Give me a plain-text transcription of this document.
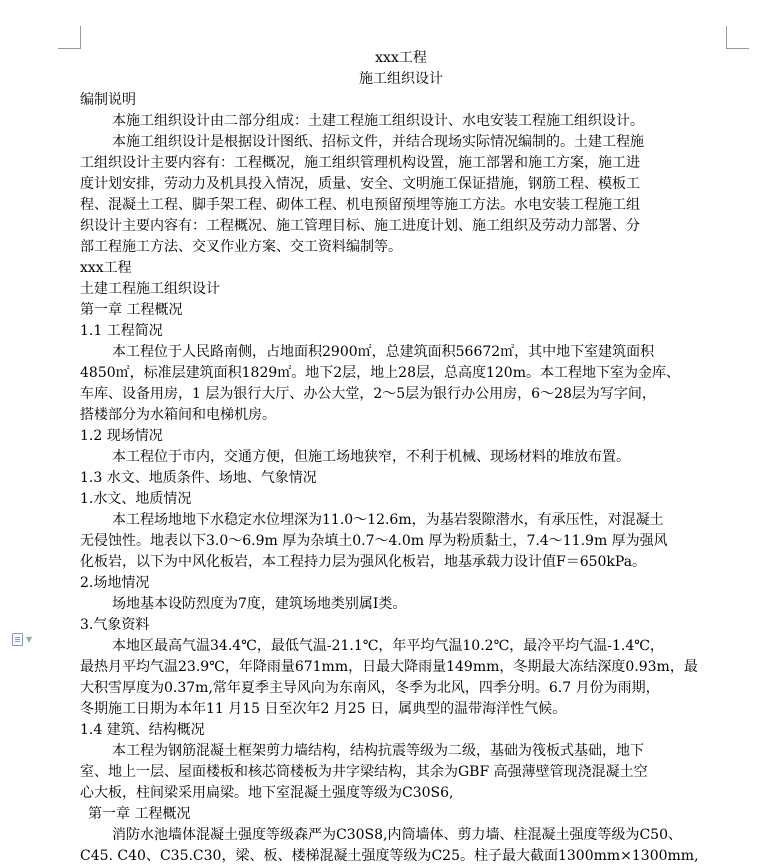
▼
xxx工程
施工组织设计
编制说明
本施工组织设计由二部分组成：土建工程施工组织设计、水电安装工程施工组织设计。
本施工组织设计是根据设计图纸、招标文件，并结合现场实际情况编制的。土建工程施
工组织设计主要内容有：工程概况，施工组织管理机构设置，施工部署和施工方案，施工进
度计划安排，劳动力及机具投入情况，质量、安全、文明施工保证措施，钢筋工程、模板工
程、混凝土工程、脚手架工程、砌体工程、机电预留预埋等施工方法。水电安装工程施工组
织设计主要内容有：工程概况、施工管理目标、施工进度计划、施工组织及劳动力部署、分
部工程施工方法、交叉作业方案、交工资料编制等。
xxx工程
土建工程施工组织设计
第一章 工程概况
1.1 工程简况
本工程位于人民路南侧，占地面积2900㎡，总建筑面积56672㎡，其中地下室建筑面积
4850㎡，标准层建筑面积1829㎡。地下2层，地上28层，总高度120m。本工程地下室为金库、
车库、设备用房，1 层为银行大厅、办公大堂，2～5层为银行办公用房，6～28层为写字间，
搭楼部分为水箱间和电梯机房。
1.2 现场情况
本工程位于市内，交通方便，但施工场地狭窄，不利于机械、现场材料的堆放布置。
1.3 水文、地质条件、场地、气象情况
1.水文、地质情况
本工程场地地下水稳定水位埋深为11.0～12.6m，为基岩裂隙潜水，有承压性，对混凝土
无侵蚀性。地表以下3.0～6.9m 厚为杂填土0.7～4.0m 厚为粉质黏土，7.4～11.9m 厚为强风
化板岩，以下为中风化板岩，本工程持力层为强风化板岩，地基承载力设计值F＝650kPa。
2.场地情况
场地基本设防烈度为7度，建筑场地类别属Ⅰ类。
3.气象资料
本地区最高气温34.4℃，最低气温-21.1℃，年平均气温10.2℃，最冷平均气温-1.4℃，
最热月平均气温23.9℃，年降雨量671mm，日最大降雨量149mm，冬期最大冻结深度0.93m，最
大积雪厚度为0.37m,常年夏季主导风向为东南风，冬季为北风，四季分明。6.7 月份为雨期，
冬期施工日期为本年11 月15 日至次年2 月25 日，属典型的温带海洋性气候。
1.4 建筑、结构概况
本工程为钢筋混凝土框架剪力墙结构，结构抗震等级为二级，基础为筏板式基础，地下
室、地上一层、屋面楼板和核芯筒楼板为井字梁结构，其余为GBF 高强薄壁管现浇混凝土空
心大板，柱间梁采用扁梁。地下室混凝土强度等级为C30S6,
第一章 工程概况
消防水池墙体混凝土强度等级森严为C30S8,内筒墙体、剪力墙、柱混凝土强度等级为C50、
C45. C40、C35.C30，梁、板、楼梯混凝土强度等级为C25。柱子最大截面1300mm×1300mm,
